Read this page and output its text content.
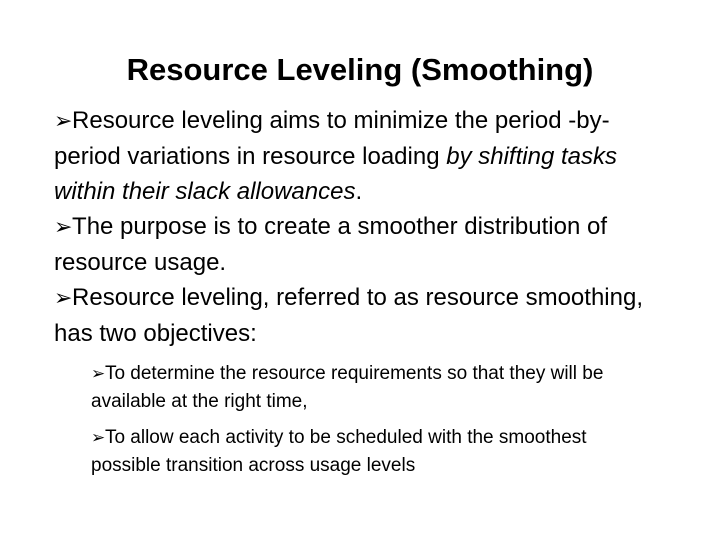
Resource Leveling (Smoothing)

➢Resource leveling aims to minimize the period -by-period variations in resource loading by shifting tasks within their slack allowances.

➢The purpose is to create a smoother distribution of resource usage.

➢Resource leveling, referred to as resource smoothing, has two objectives:

➢To determine the resource requirements so that they will be available at the right time,

➢To allow each activity to be scheduled with the smoothest possible transition across usage levels
